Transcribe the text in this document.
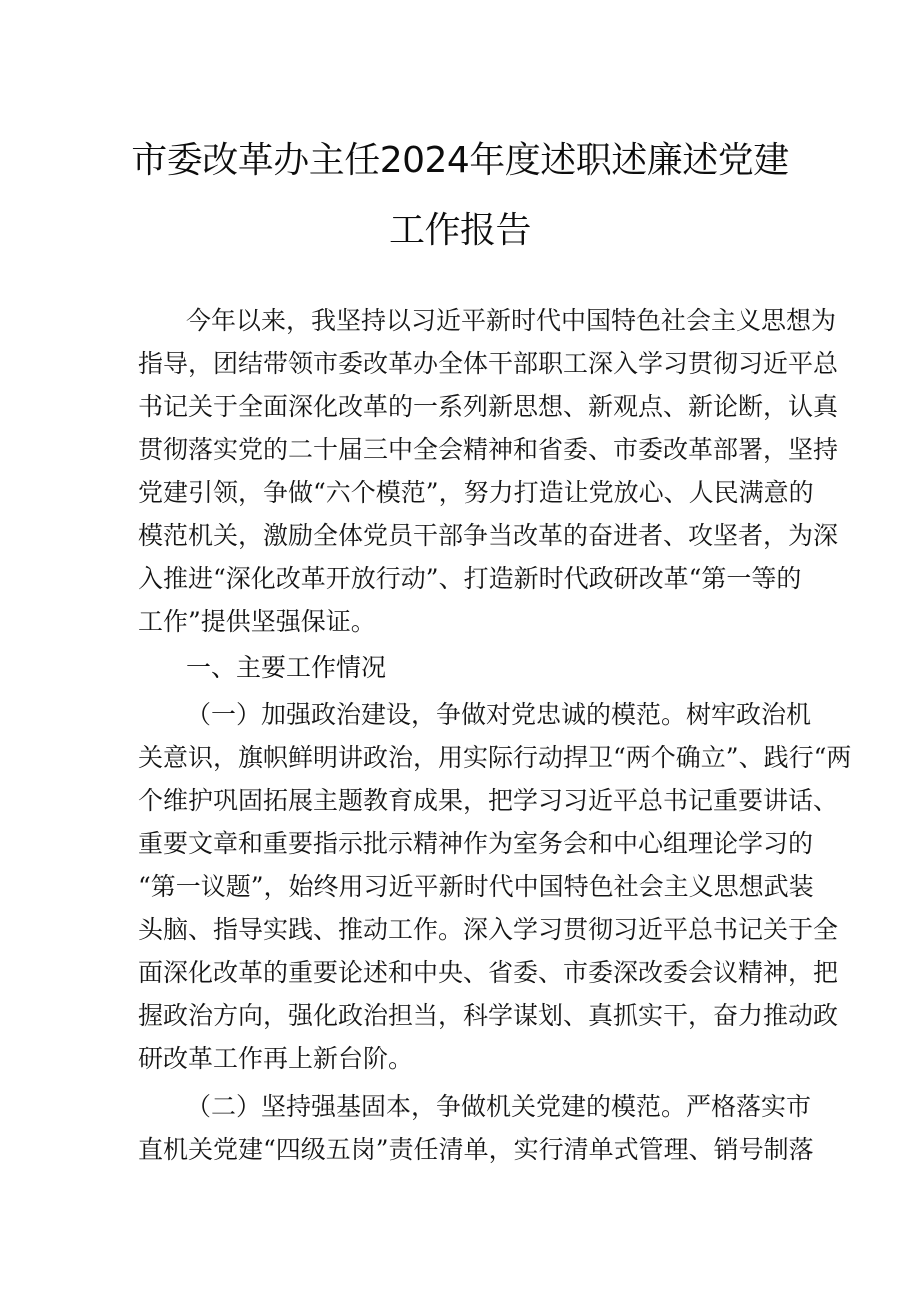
市委改革办主任2024年度述职述廉述党建
工作报告
今年以来，我坚持以习近平新时代中国特色社会主义思想为
指导，团结带领市委改革办全体干部职工深入学习贯彻习近平总
书记关于全面深化改革的一系列新思想、新观点、新论断，认真
贯彻落实党的二十届三中全会精神和省委、市委改革部署，坚持
党建引领，争做“六个模范”，努力打造让党放心、人民满意的
模范机关，激励全体党员干部争当改革的奋进者、攻坚者，为深
入推进“深化改革开放行动”、打造新时代政研改革“第一等的
工作”提供坚强保证。
一、主要工作情况
（一）加强政治建设，争做对党忠诚的模范。树牢政治机
关意识，旗帜鲜明讲政治，用实际行动捍卫“两个确立”、践行“两
个维护巩固拓展主题教育成果，把学习习近平总书记重要讲话、
重要文章和重要指示批示精神作为室务会和中心组理论学习的
“第一议题”，始终用习近平新时代中国特色社会主义思想武装
头脑、指导实践、推动工作。深入学习贯彻习近平总书记关于全
面深化改革的重要论述和中央、省委、市委深改委会议精神，把
握政治方向，强化政治担当，科学谋划、真抓实干，奋力推动政
研改革工作再上新台阶。
（二）坚持强基固本，争做机关党建的模范。严格落实市
直机关党建“四级五岗”责任清单，实行清单式管理、销号制落
